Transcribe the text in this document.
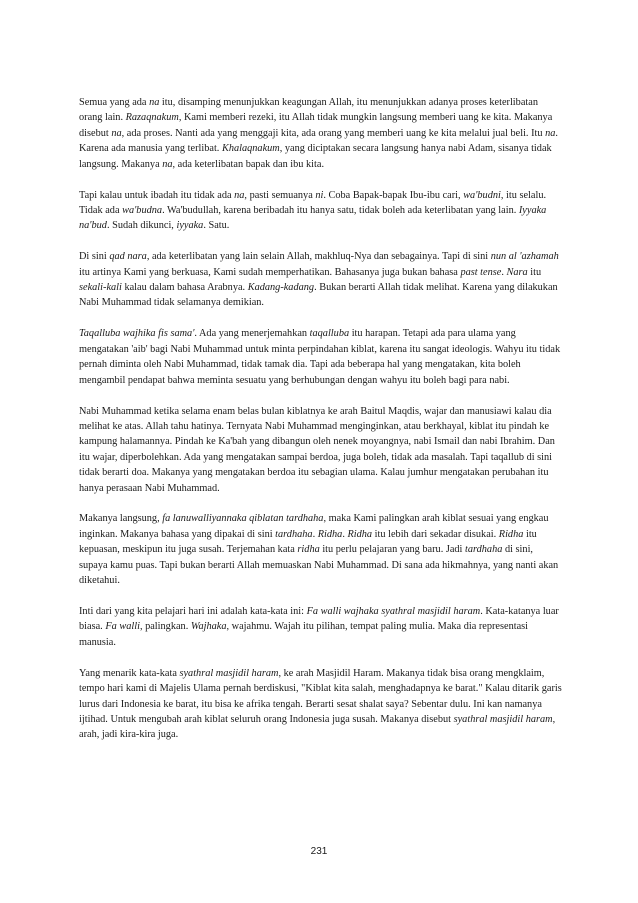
Semua yang ada na itu, disamping menunjukkan keagungan Allah, itu menunjukkan adanya proses keterlibatan orang lain. Razaqnakum, Kami memberi rezeki, itu Allah tidak mungkin langsung memberi uang ke kita. Makanya disebut na, ada proses. Nanti ada yang menggaji kita, ada orang yang memberi uang ke kita melalui jual beli. Itu na. Karena ada manusia yang terlibat. Khalaqnakum, yang diciptakan secara langsung hanya nabi Adam, sisanya tidak langsung. Makanya na, ada keterlibatan bapak dan ibu kita.

Tapi kalau untuk ibadah itu tidak ada na, pasti semuanya ni. Coba Bapak-bapak Ibu-ibu cari, wa'budni, itu selalu. Tidak ada wa'budna. Wa'budullah, karena beribadah itu hanya satu, tidak boleh ada keterlibatan yang lain. Iyyaka na'bud. Sudah dikunci, iyyaka. Satu.

Di sini qad nara, ada keterlibatan yang lain selain Allah, makhluq-Nya dan sebagainya. Tapi di sini nun al 'azhamah itu artinya Kami yang berkuasa, Kami sudah memperhatikan. Bahasanya juga bukan bahasa past tense. Nara itu sekali-kali kalau dalam bahasa Arabnya. Kadang-kadang. Bukan berarti Allah tidak melihat. Karena yang dilakukan Nabi Muhammad tidak selamanya demikian.

Taqalluba wajhika fis sama'. Ada yang menerjemahkan taqalluba itu harapan. Tetapi ada para ulama yang mengatakan 'aib' bagi Nabi Muhammad untuk minta perpindahan kiblat, karena itu sangat ideologis. Wahyu itu tidak pernah diminta oleh Nabi Muhammad, tidak tamak dia. Tapi ada beberapa hal yang mengatakan, kita boleh mengambil pendapat bahwa meminta sesuatu yang berhubungan dengan wahyu itu boleh bagi para nabi.

Nabi Muhammad ketika selama enam belas bulan kiblatnya ke arah Baitul Maqdis, wajar dan manusiawi kalau dia melihat ke atas. Allah tahu hatinya. Ternyata Nabi Muhammad menginginkan, atau berkhayal, kiblat itu pindah ke kampung halamannya. Pindah ke Ka'bah yang dibangun oleh nenek moyangnya, nabi Ismail dan nabi Ibrahim. Dan itu wajar, diperbolehkan. Ada yang mengatakan sampai berdoa, juga boleh, tidak ada masalah. Tapi taqallub di sini tidak berarti doa. Makanya yang mengatakan berdoa itu sebagian ulama. Kalau jumhur mengatakan perubahan itu hanya perasaan Nabi Muhammad.

Makanya langsung, fa lanuwalliyannaka qiblatan tardhaha, maka Kami palingkan arah kiblat sesuai yang engkau inginkan. Makanya bahasa yang dipakai di sini tardhaha. Ridha. Ridha itu lebih dari sekadar disukai. Ridha itu kepuasan, meskipun itu juga susah. Terjemahan kata ridha itu perlu pelajaran yang baru. Jadi tardhaha di sini, supaya kamu puas. Tapi bukan berarti Allah memuaskan Nabi Muhammad. Di sana ada hikmahnya, yang nanti akan diketahui.

Inti dari yang kita pelajari hari ini adalah kata-kata ini: Fa walli wajhaka syathral masjidil haram. Kata-katanya luar biasa. Fa walli, palingkan. Wajhaka, wajahmu. Wajah itu pilihan, tempat paling mulia. Maka dia representasi manusia.

Yang menarik kata-kata syathral masjidil haram, ke arah Masjidil Haram. Makanya tidak bisa orang mengklaim, tempo hari kami di Majelis Ulama pernah berdiskusi, "Kiblat kita salah, menghadapnya ke barat." Kalau ditarik garis lurus dari Indonesia ke barat, itu bisa ke afrika tengah. Berarti sesat shalat saya? Sebentar dulu. Ini kan namanya ijtihad. Untuk mengubah arah kiblat seluruh orang Indonesia juga susah. Makanya disebut syathral masjidil haram, arah, jadi kira-kira juga.

231
